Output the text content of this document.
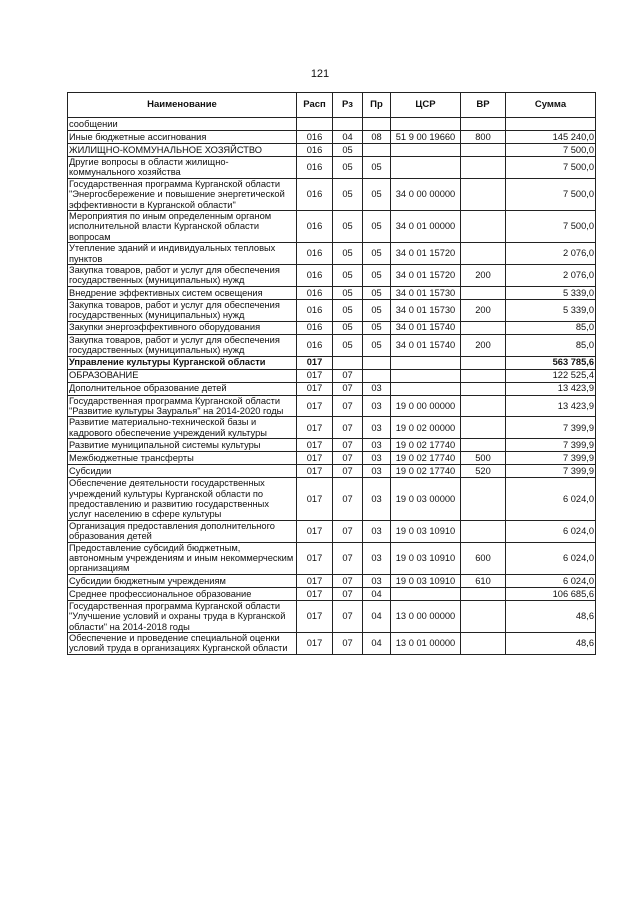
121
Наименование	Расп	Рз	Пр	ЦСР	ВР	Сумма
сообщении						
Иные бюджетные ассигнования	016	04	08	51 9 00 19660	800	145 240,0
ЖИЛИЩНО-КОММУНАЛЬНОЕ ХОЗЯЙСТВО	016	05				7 500,0
Другие вопросы в области жилищно-коммунального хозяйства	016	05	05			7 500,0
Государственная программа Курганской области "Энергосбережение и повышение энергетической эффективности в Курганской области"	016	05	05	34 0 00 00000		7 500,0
Мероприятия по иным определенным органом исполнительной власти Курганской области вопросам	016	05	05	34 0 01 00000		7 500,0
Утепление зданий и индивидуальных тепловых пунктов	016	05	05	34 0 01 15720		2 076,0
Закупка товаров, работ и услуг для обеспечения государственных (муниципальных) нужд	016	05	05	34 0 01 15720	200	2 076,0
Внедрение эффективных систем освещения	016	05	05	34 0 01 15730		5 339,0
Закупка товаров, работ и услуг для обеспечения государственных (муниципальных) нужд	016	05	05	34 0 01 15730	200	5 339,0
Закупки энергоэффективного оборудования	016	05	05	34 0 01 15740		85,0
Закупка товаров, работ и услуг для обеспечения государственных (муниципальных) нужд	016	05	05	34 0 01 15740	200	85,0
Управление культуры Курганской области	017					563 785,6
ОБРАЗОВАНИЕ	017	07				122 525,4
Дополнительное образование детей	017	07	03			13 423,9
Государственная программа Курганской области "Развитие культуры Зауралья" на 2014-2020 годы	017	07	03	19 0 00 00000		13 423,9
Развитие материально-технической базы и кадрового обеспечение учреждений культуры	017	07	03	19 0 02 00000		7 399,9
Развитие муниципальной системы культуры	017	07	03	19 0 02 17740		7 399,9
Межбюджетные трансферты	017	07	03	19 0 02 17740	500	7 399,9
Субсидии	017	07	03	19 0 02 17740	520	7 399,9
Обеспечение деятельности государственных учреждений культуры Курганской области по предоставлению и развитию государственных услуг населению в сфере культуры	017	07	03	19 0 03 00000		6 024,0
Организация предоставления дополнительного образования детей	017	07	03	19 0 03 10910		6 024,0
Предоставление субсидий бюджетным, автономным учреждениям и иным некоммерческим организациям	017	07	03	19 0 03 10910	600	6 024,0
Субсидии бюджетным учреждениям	017	07	03	19 0 03 10910	610	6 024,0
Среднее профессиональное образование	017	07	04			106 685,6
Государственная программа Курганской области "Улучшение условий и охраны труда в Курганской области" на 2014-2018 годы	017	07	04	13 0 00 00000		48,6
Обеспечение и проведение специальной оценки условий труда в организациях Курганской области	017	07	04	13 0 01 00000		48,6
